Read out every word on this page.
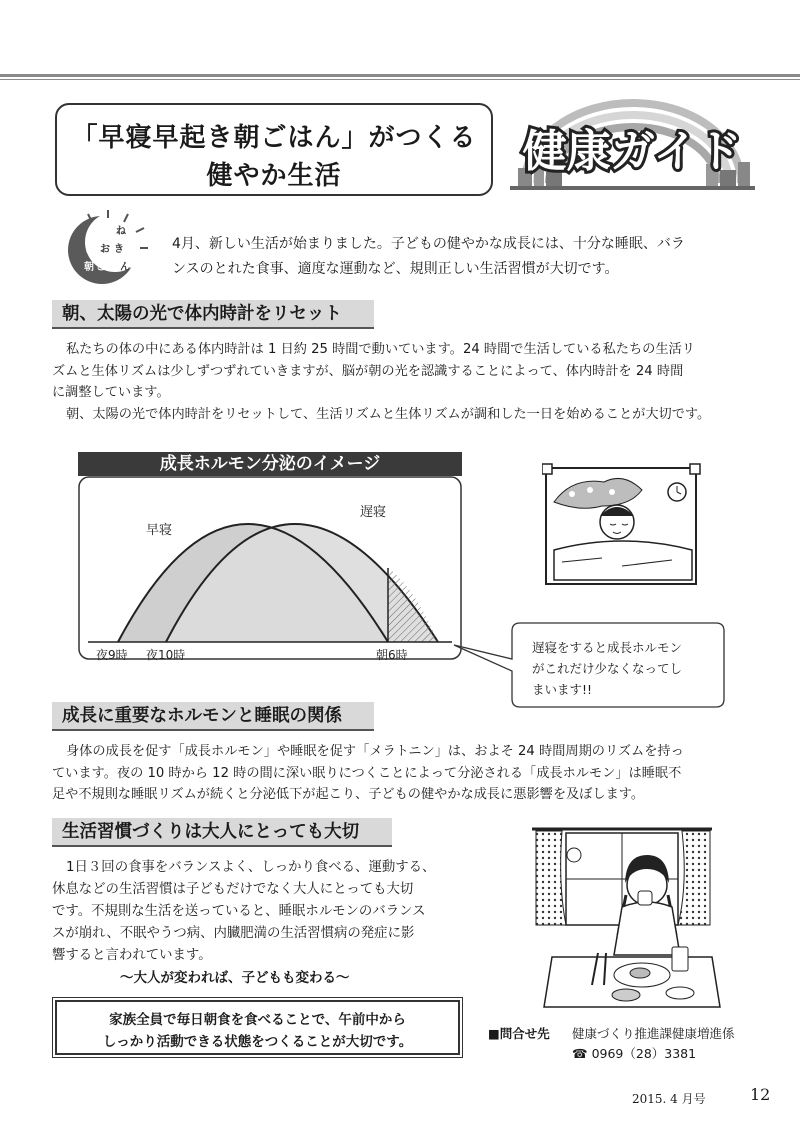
「早寝早起き朝ごはん」がつくる
健やか生活	健康ガイド
早
ね
早 お き
朝 ご は ん
4月、新しい生活が始まりました。子どもの健やかな成長には、十分な睡眠、バラ
ンスのとれた食事、適度な運動など、規則正しい生活習慣が大切です。
朝、太陽の光で体内時計をリセット
私たちの体の中にある体内時計は 1 日約 25 時間で動いています。24 時間で生活している私たちの生活リ
ズムと生体リズムは少しずつずれていきますが、脳が朝の光を認識することによって、体内時計を 24 時間
に調整しています。
朝、太陽の光で体内時計をリセットして、生活リズムと生体リズムが調和した一日を始めることが大切です。
成長ホルモン分泌のイメージ
早寝
遅寝
夜9時 夜10時	朝6時	遅寝をすると成長ホルモン
がこれだけ少なくなってし
まいます!!
成長に重要なホルモンと睡眠の関係
身体の成長を促す「成長ホルモン」や睡眠を促す「メラトニン」は、およそ 24 時間周期のリズムを持っ
ています。夜の 10 時から 12 時の間に深い眠りにつくことによって分泌される「成長ホルモン」は睡眠不
足や不規則な睡眠リズムが続くと分泌低下が起こり、子どもの健やかな成長に悪影響を及ぼします。
生活習慣づくりは大人にとっても大切
1日３回の食事をバランスよく、しっかり食べる、運動する、
休息などの生活習慣は子どもだけでなく大人にとっても大切
です。不規則な生活を送っていると、睡眠ホルモンのバランス
スが崩れ、不眠やうつ病、内臓肥満の生活習慣病の発症に影
響すると言われています。
～大人が変われば、子どもも変わる～
家族全員で毎日朝食を食べることで、午前中から
しっかり活動できる状態をつくることが大切です。
■問合せ先 健康づくり推進課健康増進係
☎ 0969（28）3381
2015. 4 月号	12
